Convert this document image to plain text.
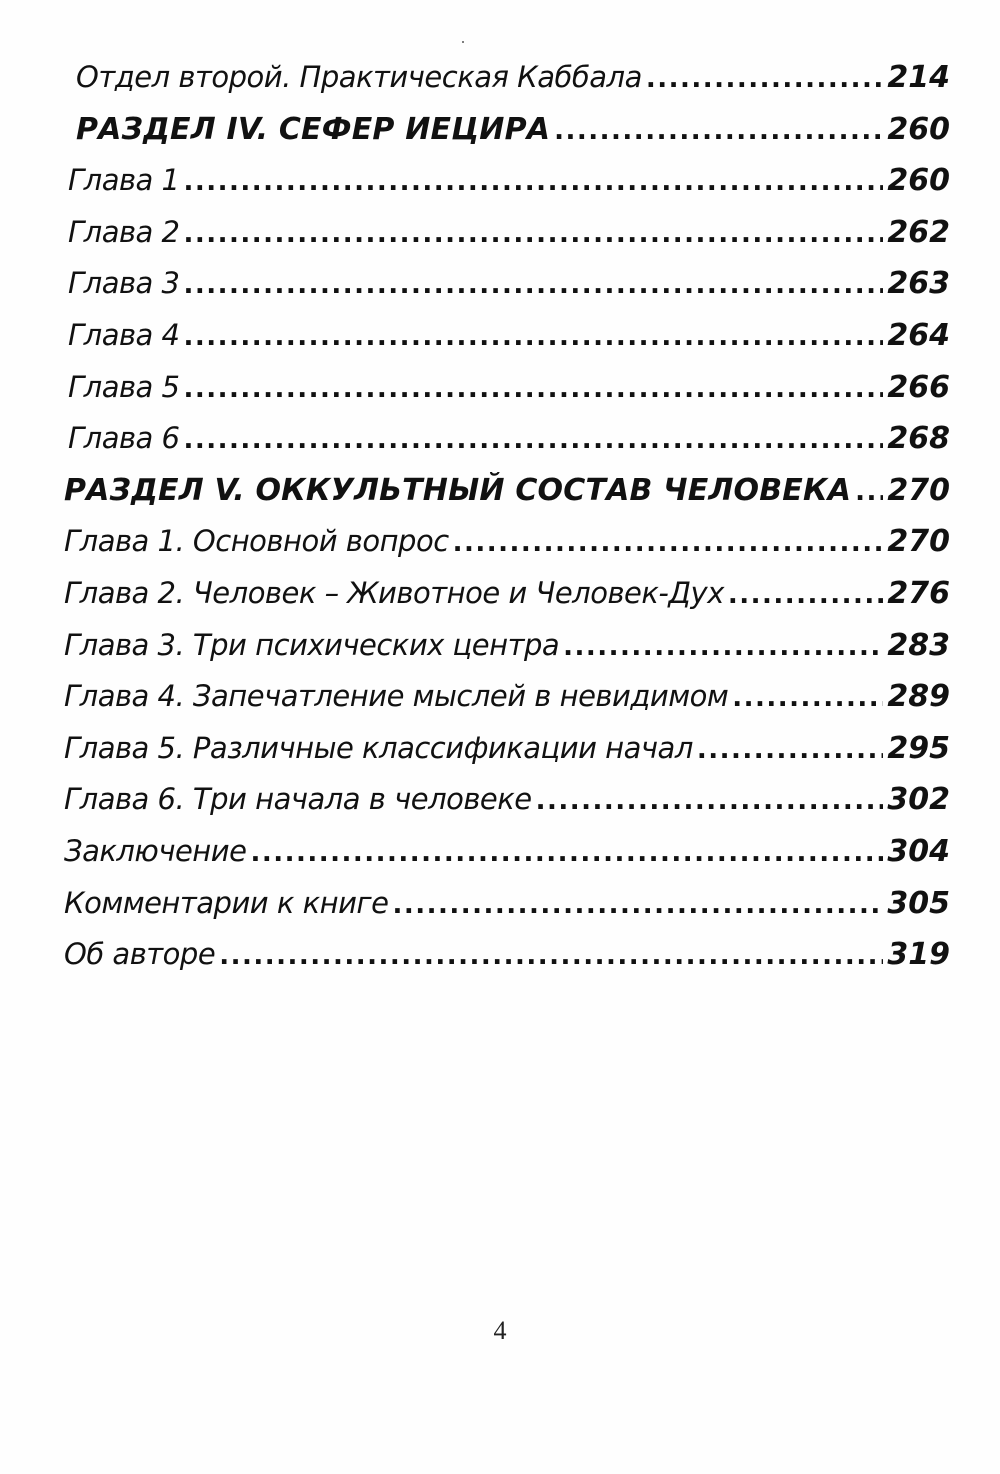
Отдел второй. Практическая Каббала .....	214
РАЗДЕЛ IV. СЕФЕР ИЕЦИРА .....	260
Глава 1 .....	260
Глава 2 .....	262
Глава 3 .....	263
Глава 4 .....	264
Глава 5 .....	266
Глава 6 .....	268
РАЗДЕЛ V. ОККУЛЬТНЫЙ СОСТАВ ЧЕЛОВЕКА ..... 270
Глава 1. Основной вопрос .....	270
Глава 2. Человек – Животное и Человек-Дух .....	276
Глава 3. Три психических центра .....	283
Глава 4. Запечатление мыслей в невидимом .....	289
Глава 5. Различные классификации начал .....	295
Глава 6. Три начала в человеке .....	302
Заключение .....	304
Комментарии к книге .....	305
Об авторе .....	319
4
